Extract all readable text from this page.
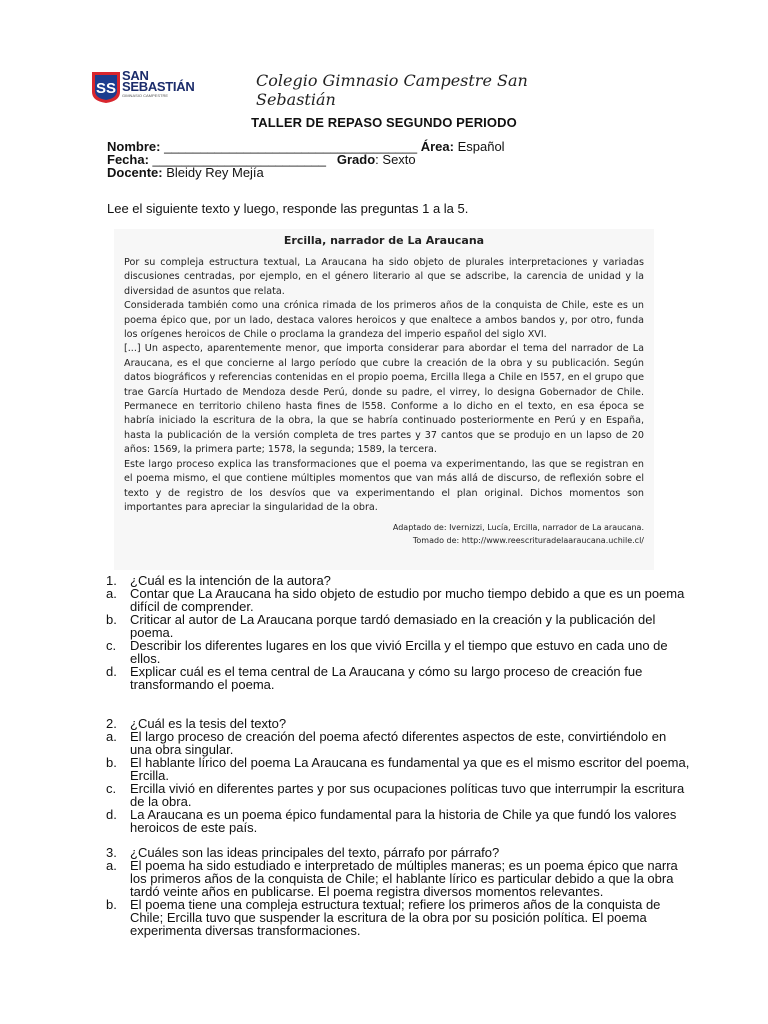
SS
SAN
SEBASTIÁN
GIMNASIO CAMPESTRE
Colegio Gimnasio Campestre San Sebastián
TALLER DE REPASO SEGUNDO PERIODO
Nombre: ___________________________________ Área: Español
Fecha: ________________________   Grado: Sexto
Docente: Bleidy Rey Mejía
Lee el siguiente texto y luego, responde las preguntas 1 a la 5.
Ercilla, narrador de La Araucana

Por su compleja estructura textual, La Araucana ha sido objeto de plurales interpretaciones y variadas discusiones centradas, por ejemplo, en el género literario al que se adscribe, la carencia de unidad y la diversidad de asuntos que relata.

Considerada también como una crónica rimada de los primeros años de la conquista de Chile, este es un poema épico que, por un lado, destaca valores heroicos y que enaltece a ambos bandos y, por otro, funda los orígenes heroicos de Chile o proclama la grandeza del imperio español del siglo XVI.

[...] Un aspecto, aparentemente menor, que importa considerar para abordar el tema del narrador de La Araucana, es el que concierne al largo período que cubre la creación de la obra y su publicación. Según datos biográficos y referencias contenidas en el propio poema, Ercilla llega a Chile en l557, en el grupo que trae García Hurtado de Mendoza desde Perú, donde su padre, el virrey, lo designa Gobernador de Chile. Permanece en territorio chileno hasta fines de l558. Conforme a lo dicho en el texto, en esa época se habría iniciado la escritura de la obra, la que se habría continuado posteriormente en Perú y en España, hasta la publicación de la versión completa de tres partes y 37 cantos que se produjo en un lapso de 20 años: 1569, la primera parte; 1578, la segunda; 1589, la tercera.

Este largo proceso explica las transformaciones que el poema va experimentando, las que se registran en el poema mismo, el que contiene múltiples momentos que van más allá de discurso, de reflexión sobre el texto y de registro de los desvíos que va experimentando el plan original. Dichos momentos son importantes para apreciar la singularidad de la obra.

Adaptado de: Ivernizzi, Lucía, Ercilla, narrador de La araucana.
Tomado de: http://www.reescrituradelaaraucana.uchile.cl/
1. ¿Cuál es la intención de la autora?
a. Contar que La Araucana ha sido objeto de estudio por mucho tiempo debido a que es un poema difícil de comprender.
b. Criticar al autor de La Araucana porque tardó demasiado en la creación y la publicación del poema.
c. Describir los diferentes lugares en los que vivió Ercilla y el tiempo que estuvo en cada uno de ellos.
d. Explicar cuál es el tema central de La Araucana y cómo su largo proceso de creación fue transformando el poema.
2. ¿Cuál es la tesis del texto?
a. El largo proceso de creación del poema afectó diferentes aspectos de este, convirtiéndolo en una obra singular.
b. El hablante lírico del poema La Araucana es fundamental ya que es el mismo escritor del poema, Ercilla.
c. Ercilla vivió en diferentes partes y por sus ocupaciones políticas tuvo que interrumpir la escritura de la obra.
d. La Araucana es un poema épico fundamental para la historia de Chile ya que fundó los valores heroicos de este país.
3. ¿Cuáles son las ideas principales del texto, párrafo por párrafo?
a. El poema ha sido estudiado e interpretado de múltiples maneras; es un poema épico que narra los primeros años de la conquista de Chile; el hablante lírico es particular debido a que la obra tardó veinte años en publicarse. El poema registra diversos momentos relevantes.
b. El poema tiene una compleja estructura textual; refiere los primeros años de la conquista de Chile; Ercilla tuvo que suspender la escritura de la obra por su posición política. El poema experimenta diversas transformaciones.
